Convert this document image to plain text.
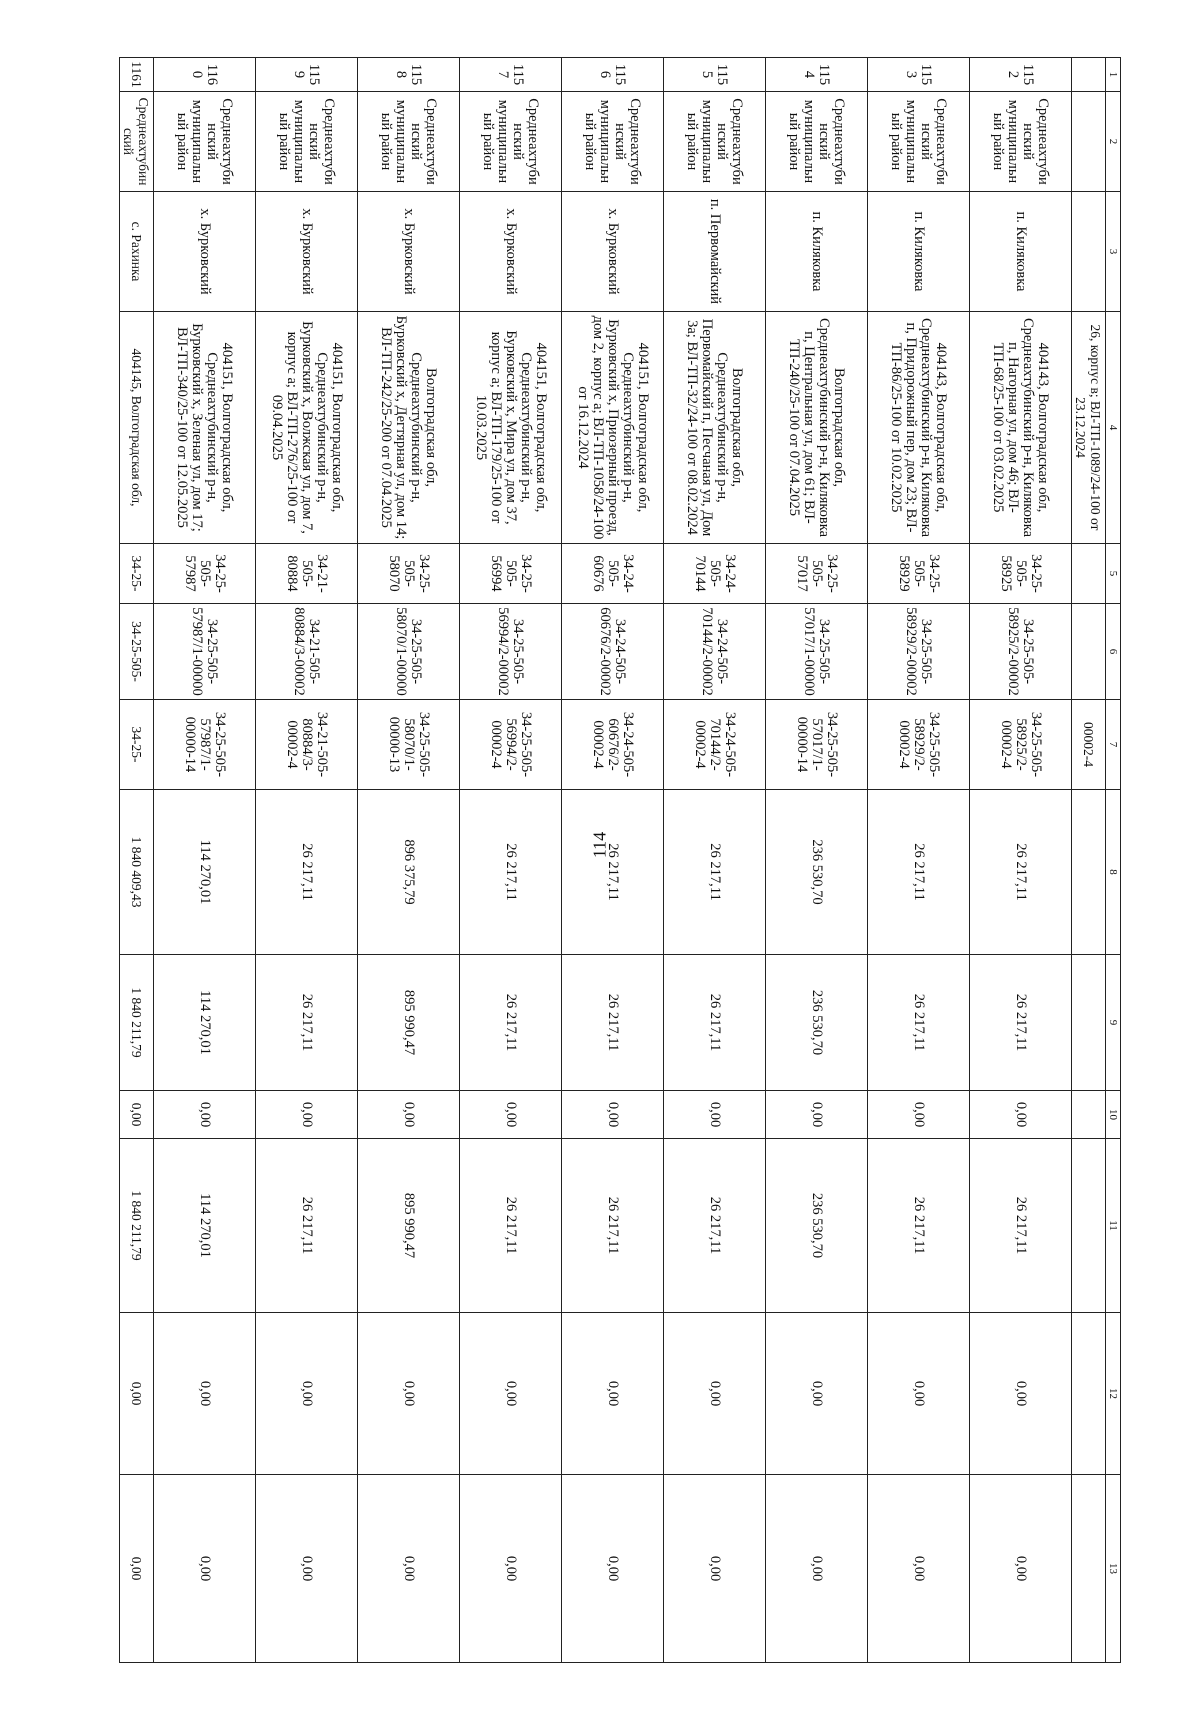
114
1	2	3	4	5	6	7	8	9	10	11	12	13
			26, корпус в; ВЛ-ТП-1089/24-100 от 23.12.2024			00002-4						
1152	Среднеахтубинский муниципальный район	п. Киляковка	404143, Волгоградская обл, Среднеахтубинский р-н, Киляковка п, Нагорная ул, дом 46; ВЛ-ТП-68/25-100 от 03.02.2025	34-25-505-58925	34-25-505-58925/2-00002	34-25-505-58925/2-00002-4	26 217,11	26 217,11	0,00	26 217,11	0,00	0,00
1153	Среднеахтубинский муниципальный район	п. Киляковка	404143, Волгоградская обл, Среднеахтубинский р-н, Киляковка п, Придорожный пер, дом 23; ВЛ-ТП-86/25-100 от 10.02.2025	34-25-505-58929	34-25-505-58929/2-00002	34-25-505-58929/2-00002-4	26 217,11	26 217,11	0,00	26 217,11	0,00	0,00
1154	Среднеахтубинский муниципальный район	п. Киляковка	Волгоградская обл, Среднеахтубинский р-н, Киляковка п, Центральная ул, дом 61; ВЛ-ТП-240/25-100 от 07.04.2025	34-25-505-57017	34-25-505-57017/1-00000	34-25-505-57017/1-00000-14	236 530,70	236 530,70	0,00	236 530,70	0,00	0,00
1155	Среднеахтубинский муниципальный район	п. Первомайский	Волгоградская обл, Среднеахтубинский р-н, Первомайский п, Песчаная ул, Дом 3а; ВЛ-ТП-32/24-100 от 08.02.2024	34-24-505-70144	34-24-505-70144/2-00002	34-24-505-70144/2-00002-4	26 217,11	26 217,11	0,00	26 217,11	0,00	0,00
1156	Среднеахтубинский муниципальный район	х. Бурковский	404151, Волгоградская обл, Среднеахтубинский р-н, Бурковский х, Приозерный проезд, дом 2, корпус а; ВЛ-ТП-1058/24-100 от 16.12.2024	34-24-505-60676	34-24-505-60676/2-00002	34-24-505-60676/2-00002-4	26 217,11	26 217,11	0,00	26 217,11	0,00	0,00
1157	Среднеахтубинский муниципальный район	х. Бурковский	404151, Волгоградская обл, Среднеахтубинский р-н, Бурковский х, Мира ул, дом 37, корпус а; ВЛ-ТП-179/25-100 от 10.03.2025	34-25-505-56994	34-25-505-56994/2-00002	34-25-505-56994/2-00002-4	26 217,11	26 217,11	0,00	26 217,11	0,00	0,00
1158	Среднеахтубинский муниципальный район	х. Бурковский	Волгоградская обл, Среднеахтубинский р-н, Бурковский х, Дегтярная ул, дом 14; ВЛ-ТП-242/25-200 от 07.04.2025	34-25-505-58070	34-25-505-58070/1-00000	34-25-505-58070/1-00000-13	896 375,79	895 990,47	0,00	895 990,47	0,00	0,00
1159	Среднеахтубинский муниципальный район	х. Бурковский	404151, Волгоградская обл, Среднеахтубинский р-н, Бурковский х, Волжская ул, дом 7, корпус а; ВЛ-ТП-276/25-100 от 09.04.2025	34-21-505-80884	34-21-505-80884/3-00002	34-21-505-80884/3-00002-4	26 217,11	26 217,11	0,00	26 217,11	0,00	0,00
1160	Среднеахтубинский муниципальный район	х. Бурковский	404151, Волгоградская обл, Среднеахтубинский р-н, Бурковский х, Зеленая ул, дом 17; ВЛ-ТП-340/25-100 от 12.05.2025	34-25-505-57987	34-25-505-57987/1-00000	34-25-505-57987/1-00000-14	114 270,01	114 270,01	0,00	114 270,01	0,00	0,00
1161	Среднеахтубинский	с. Рахинка	404145, Волгоградская обл,	34-25-	34-25-505-	34-25-	1 840 409,43	1 840 211,79	0,00	1 840 211,79	0,00	0,00
